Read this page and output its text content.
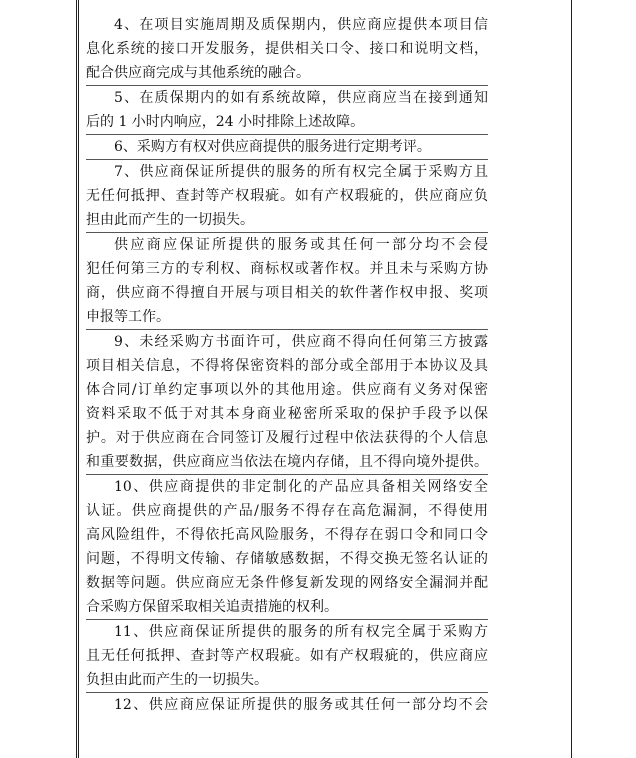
4、在项目实施周期及质保期内，供应商应提供本项目信
息化系统的接口开发服务，提供相关口令、接口和说明文档，
配合供应商完成与其他系统的融合。
5、在质保期内的如有系统故障，供应商应当在接到通知
后的 1 小时内响应，24 小时排除上述故障。
6、采购方有权对供应商提供的服务进行定期考评。
7、供应商保证所提供的服务的所有权完全属于采购方且
无任何抵押、查封等产权瑕疵。如有产权瑕疵的，供应商应负
担由此而产生的一切损失。
供应商应保证所提供的服务或其任何一部分均不会侵
犯任何第三方的专利权、商标权或著作权。并且未与采购方协
商，供应商不得擅自开展与项目相关的软件著作权申报、奖项
申报等工作。
9、未经采购方书面许可，供应商不得向任何第三方披露
项目相关信息，不得将保密资料的部分或全部用于本协议及具
体合同/订单约定事项以外的其他用途。供应商有义务对保密
资料采取不低于对其本身商业秘密所采取的保护手段予以保
护。对于供应商在合同签订及履行过程中依法获得的个人信息
和重要数据，供应商应当依法在境内存储，且不得向境外提供。
10、供应商提供的非定制化的产品应具备相关网络安全
认证。供应商提供的产品/服务不得存在高危漏洞，不得使用
高风险组件，不得依托高风险服务，不得存在弱口令和同口令
问题，不得明文传输、存储敏感数据，不得交换无签名认证的
数据等问题。供应商应无条件修复新发现的网络安全漏洞并配
合采购方保留采取相关追责措施的权利。
11、供应商保证所提供的服务的所有权完全属于采购方
且无任何抵押、查封等产权瑕疵。如有产权瑕疵的，供应商应
负担由此而产生的一切损失。
12、供应商应保证所提供的服务或其任何一部分均不会
